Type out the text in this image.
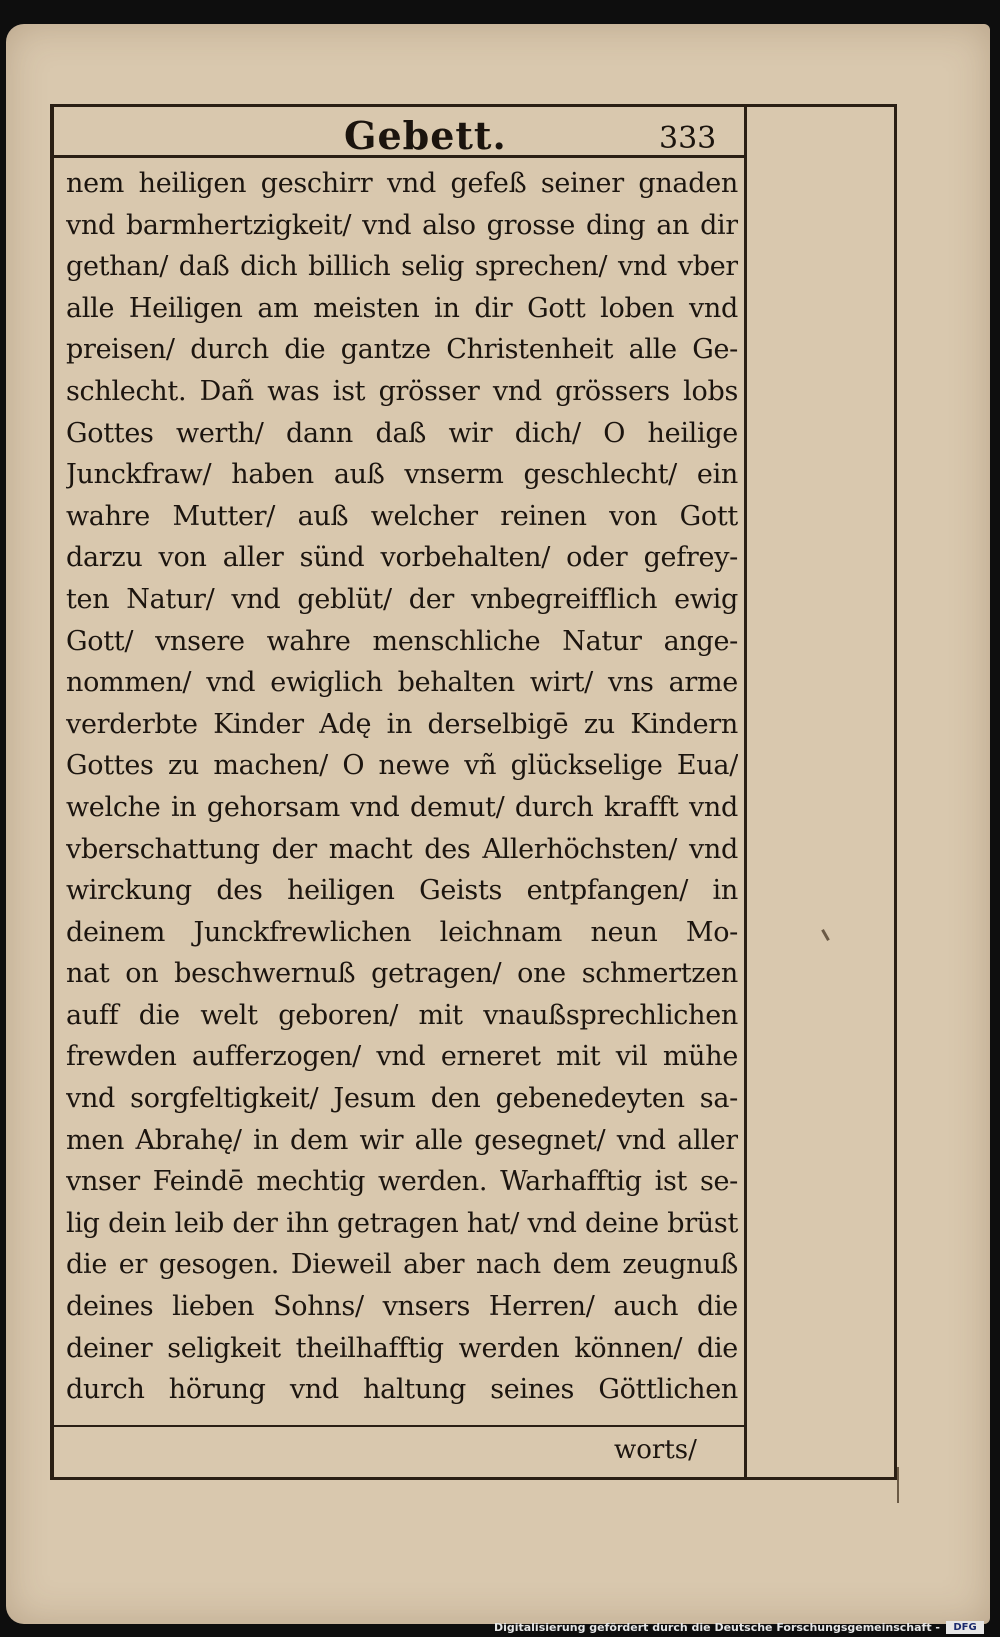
Gebett.	333
nem heiligen geschirr vnd gefeß seiner gnaden
vnd barmhertzigkeit/ vnd also grosse ding an dir
gethan/ daß dich billich selig sprechen/ vnd vber
alle Heiligen am meisten in dir Gott loben vnd
preisen/ durch die gantze Christenheit alle Ge-
schlecht. Dañ was ist grösser vnd grössers lobs
Gottes werth/ dann daß wir dich/ O heilige
Junckfraw/ haben auß vnserm geschlecht/ ein
wahre Mutter/ auß welcher reinen von Gott
darzu von aller sünd vorbehalten/ oder gefrey-
ten Natur/ vnd geblüt/ der vnbegreifflich ewig
Gott/ vnsere wahre menschliche Natur ange-
nommen/ vnd ewiglich behalten wirt/ vns arme
verderbte Kinder Adę in derselbigē zu Kindern
Gottes zu machen/ O newe vñ glückselige Eua/
welche in gehorsam vnd demut/ durch krafft vnd
vberschattung der macht des Allerhöchsten/ vnd
wirckung des heiligen Geists entpfangen/ in
deinem Junckfrewlichen leichnam neun Mo-
nat on beschwernuß getragen/ one schmertzen
auff die welt geboren/ mit vnaußsprechlichen
frewden aufferzogen/ vnd erneret mit vil mühe
vnd sorgfeltigkeit/ Jesum den gebenedeyten sa-
men Abrahę/ in dem wir alle gesegnet/ vnd aller
vnser Feindē mechtig werden. Warhafftig ist se-
lig dein leib der ihn getragen hat/ vnd deine brüst
die er gesogen. Dieweil aber nach dem zeugnuß
deines lieben Sohns/ vnsers Herren/ auch die
deiner seligkeit theilhafftig werden können/ die
durch hörung vnd haltung seines Göttlichen
worts/
Digitalisierung gefördert durch die Deutsche Forschungsgemeinschaft -	DFG
